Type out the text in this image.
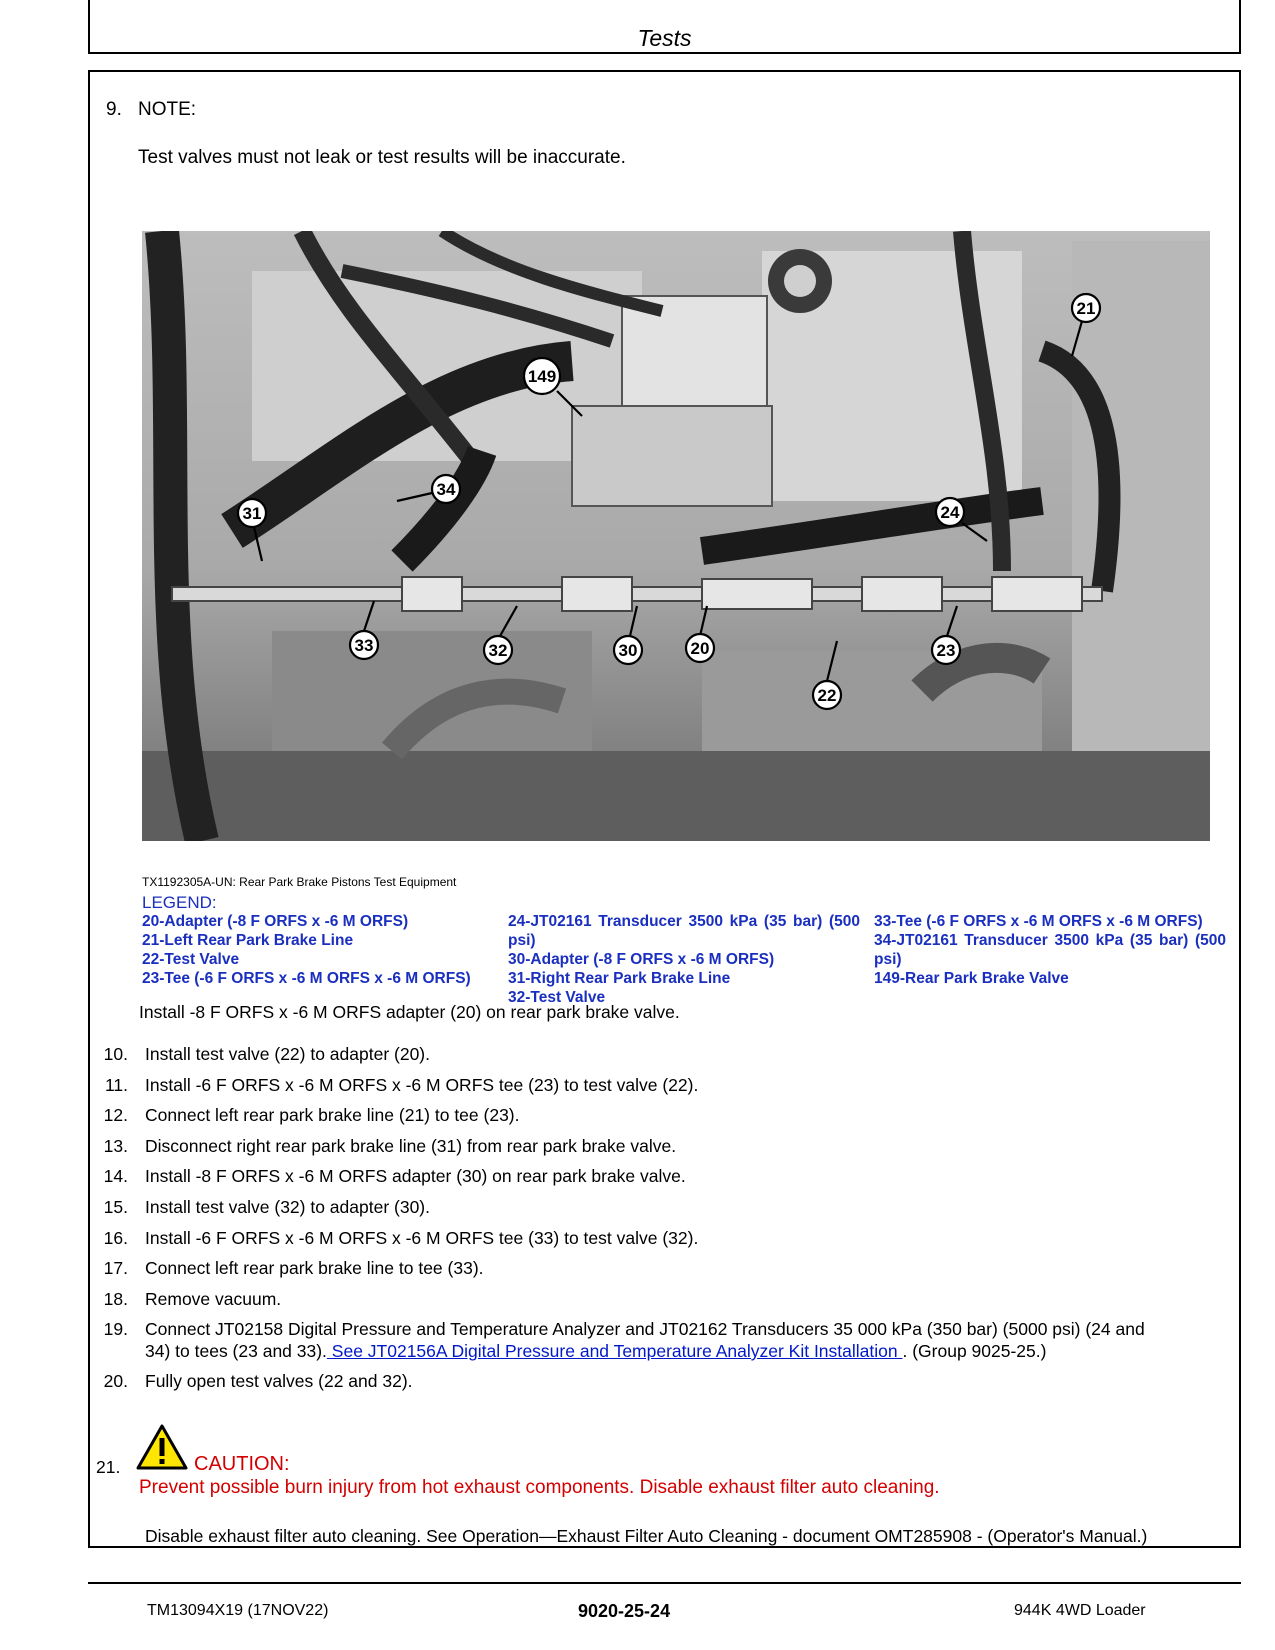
Tests
9. NOTE:
Test valves must not leak or test results will be inaccurate.
149
21
34
31	24
33	32	30	20	23
22
TX1192305A-UN: Rear Park Brake Pistons Test Equipment
LEGEND:
20-Adapter (-8 F ORFS x -6 M ORFS)
21-Left Rear Park Brake Line
22-Test Valve
23-Tee (-6 F ORFS x -6 M ORFS x -6 M ORFS)
24-JT02161 Transducer 3500 kPa (35 bar) (500 psi)
30-Adapter (-8 F ORFS x -6 M ORFS)
31-Right Rear Park Brake Line
32-Test Valve
33-Tee (-6 F ORFS x -6 M ORFS x -6 M ORFS)
34-JT02161 Transducer 3500 kPa (35 bar) (500 psi)
149-Rear Park Brake Valve
Install -8 F ORFS x -6 M ORFS adapter (20) on rear park brake valve.
10. Install test valve (22) to adapter (20).
11. Install -6 F ORFS x -6 M ORFS x -6 M ORFS tee (23) to test valve (22).
12. Connect left rear park brake line (21) to tee (23).
13. Disconnect right rear park brake line (31) from rear park brake valve.
14. Install -8 F ORFS x -6 M ORFS adapter (30) on rear park brake valve.
15. Install test valve (32) to adapter (30).
16. Install -6 F ORFS x -6 M ORFS x -6 M ORFS tee (33) to test valve (32).
17. Connect left rear park brake line to tee (33).
18. Remove vacuum.
19. Connect JT02158 Digital Pressure and Temperature Analyzer and JT02162 Transducers 35 000 kPa (350 bar) (5000 psi) (24 and
34) to tees (23 and 33). See JT02156A Digital Pressure and Temperature Analyzer Kit Installation . (Group 9025-25.)
20. Fully open test valves (22 and 32).
21.	CAUTION:
Prevent possible burn injury from hot exhaust components. Disable exhaust filter auto cleaning.
Disable exhaust filter auto cleaning. See Operation—Exhaust Filter Auto Cleaning - document OMT285908 - (Operator's Manual.)
TM13094X19 (17NOV22)	9020-25-24	944K 4WD Loader
